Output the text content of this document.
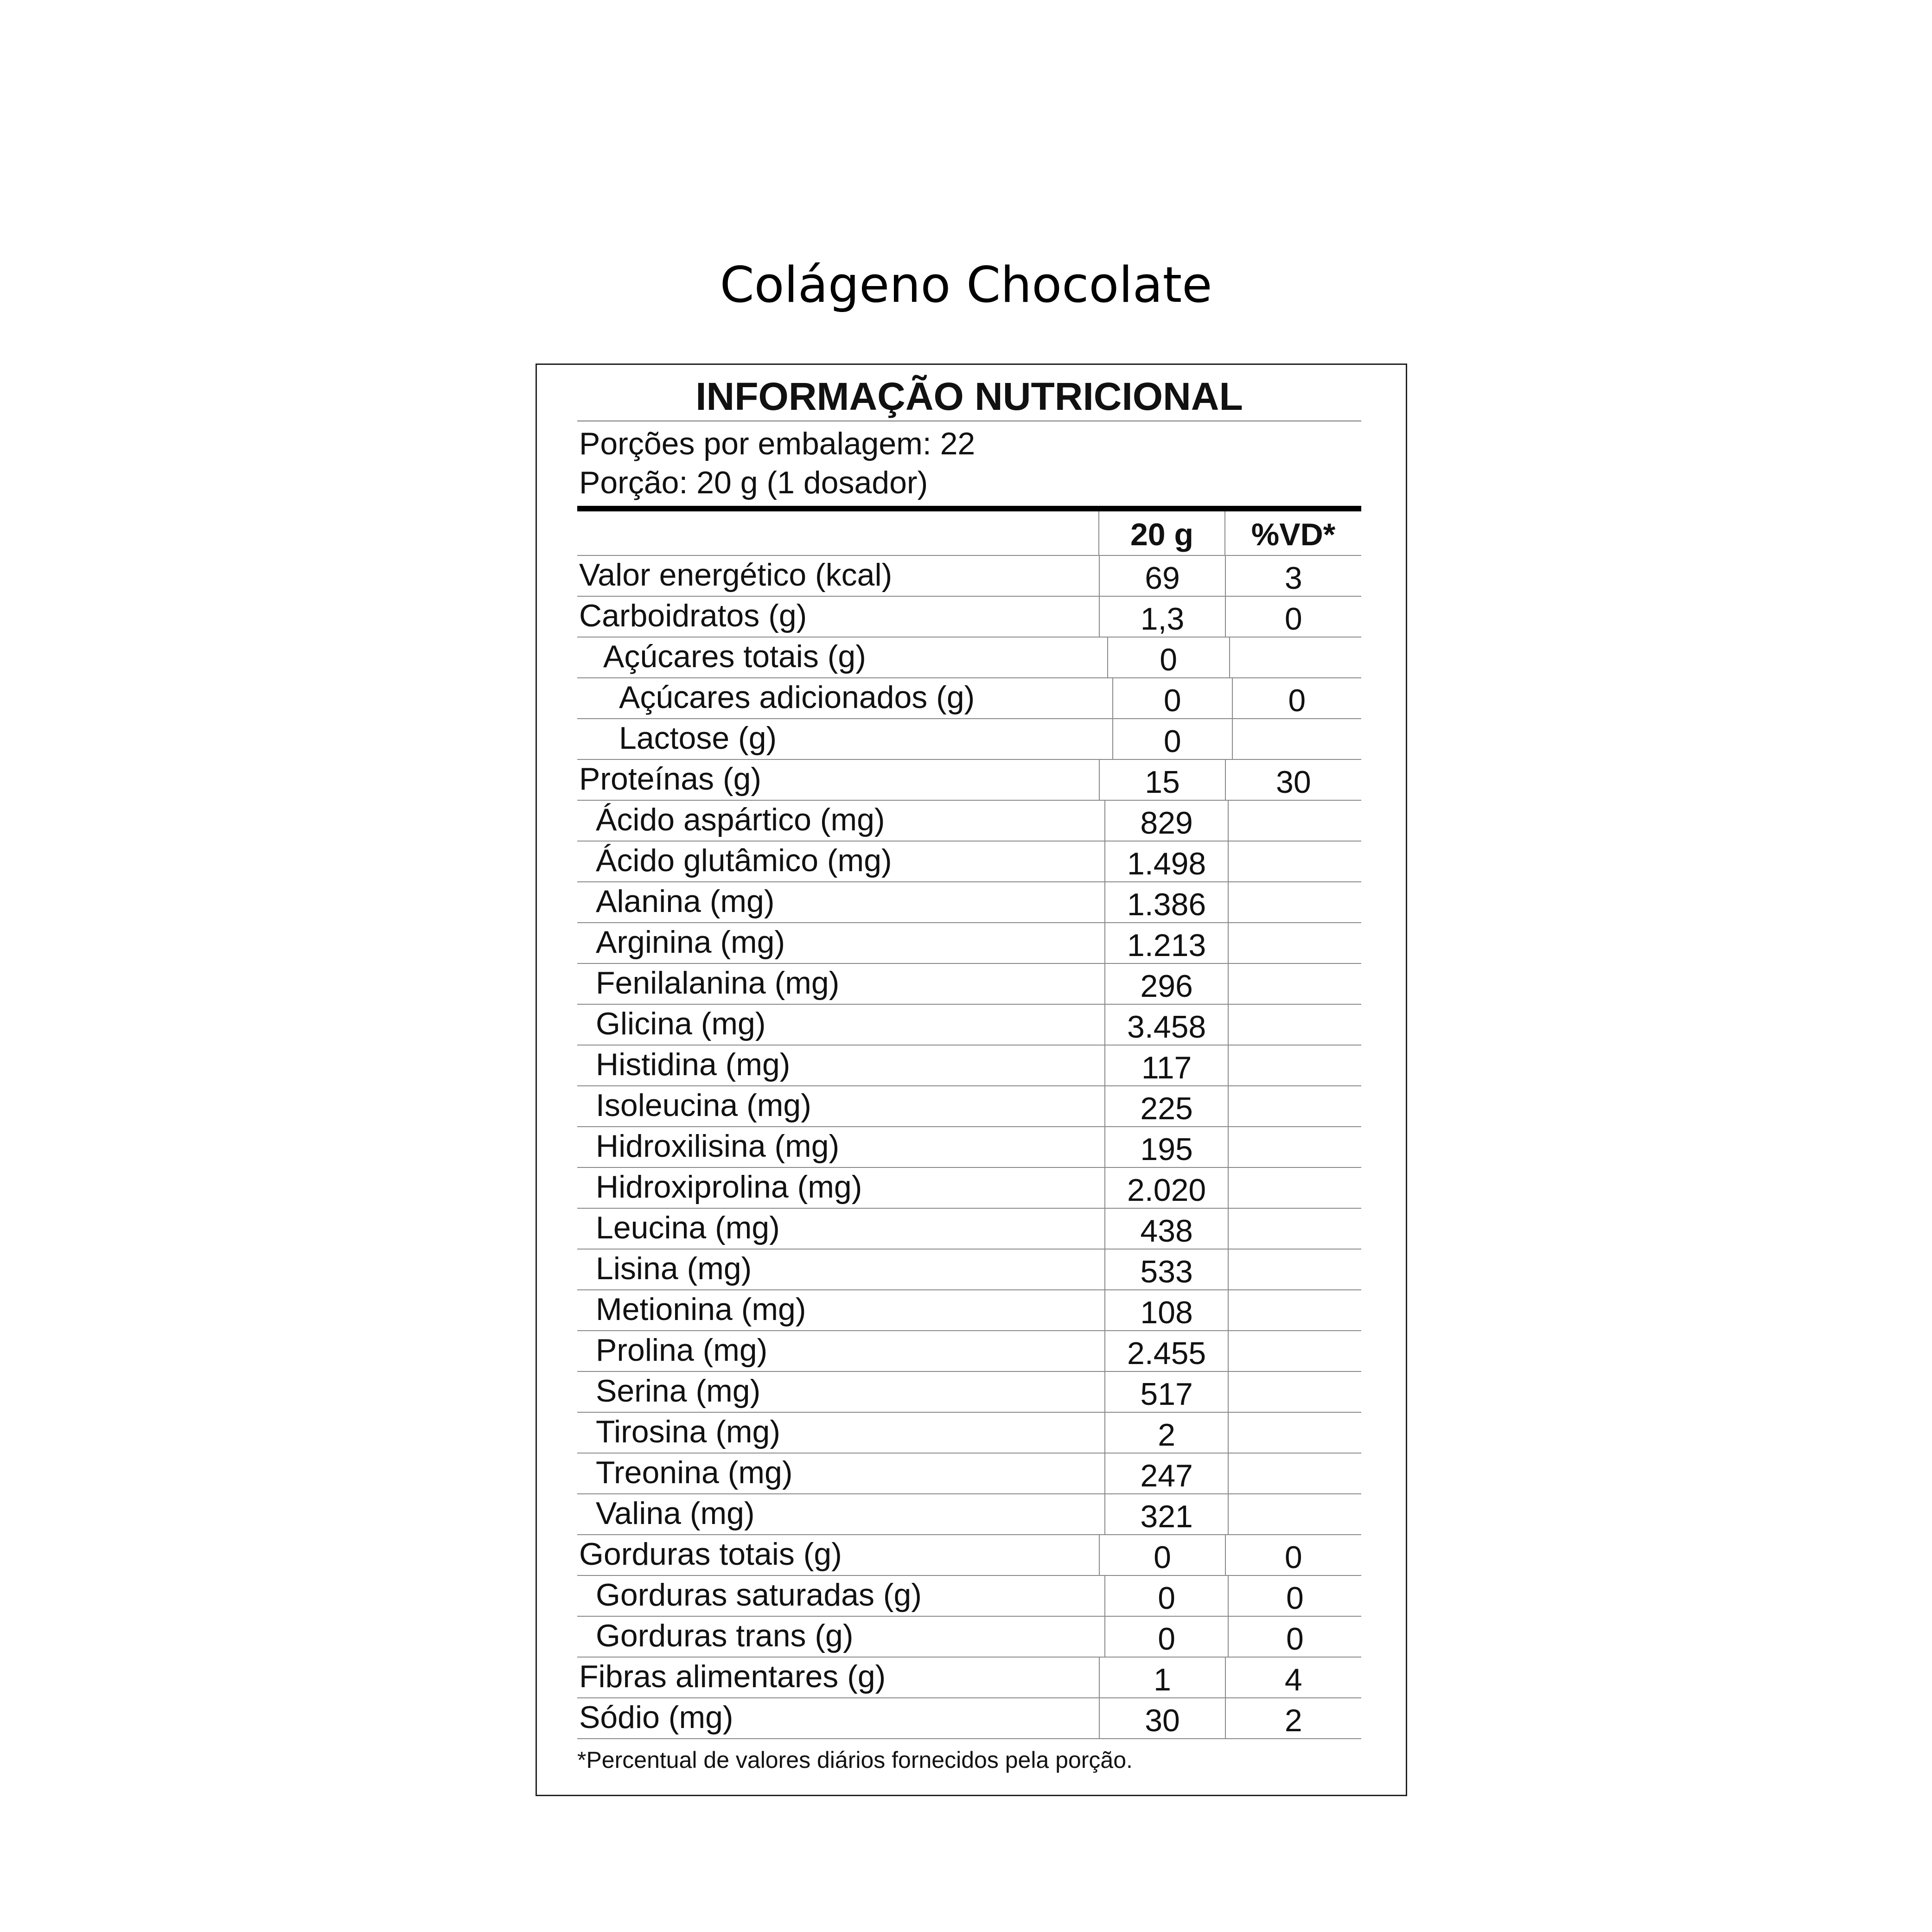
Colágeno Chocolate
INFORMAÇÃO NUTRICIONAL
Porções por embalagem: 22
Porção: 20 g (1 dosador)
20 g	%VD*
Valor energético (kcal)	69	3
Carboidratos (g)	1,3	0
Açúcares totais (g)	0
Açúcares adicionados (g)	0	0
Lactose (g)	0
Proteínas (g)	15	30
Ácido aspártico (mg)	829
Ácido glutâmico (mg)	1.498
Alanina (mg)	1.386
Arginina (mg)	1.213
Fenilalanina (mg)	296
Glicina (mg)	3.458
Histidina (mg)	117
Isoleucina (mg)	225
Hidroxilisina (mg)	195
Hidroxiprolina (mg)	2.020
Leucina (mg)	438
Lisina (mg)	533
Metionina (mg)	108
Prolina (mg)	2.455
Serina (mg)	517
Tirosina (mg)	2
Treonina (mg)	247
Valina (mg)	321
Gorduras totais (g)	0	0
Gorduras saturadas (g)	0	0
Gorduras trans (g)	0	0
Fibras alimentares (g)	1	4
Sódio (mg)	30	2
*Percentual de valores diários fornecidos pela porção.
